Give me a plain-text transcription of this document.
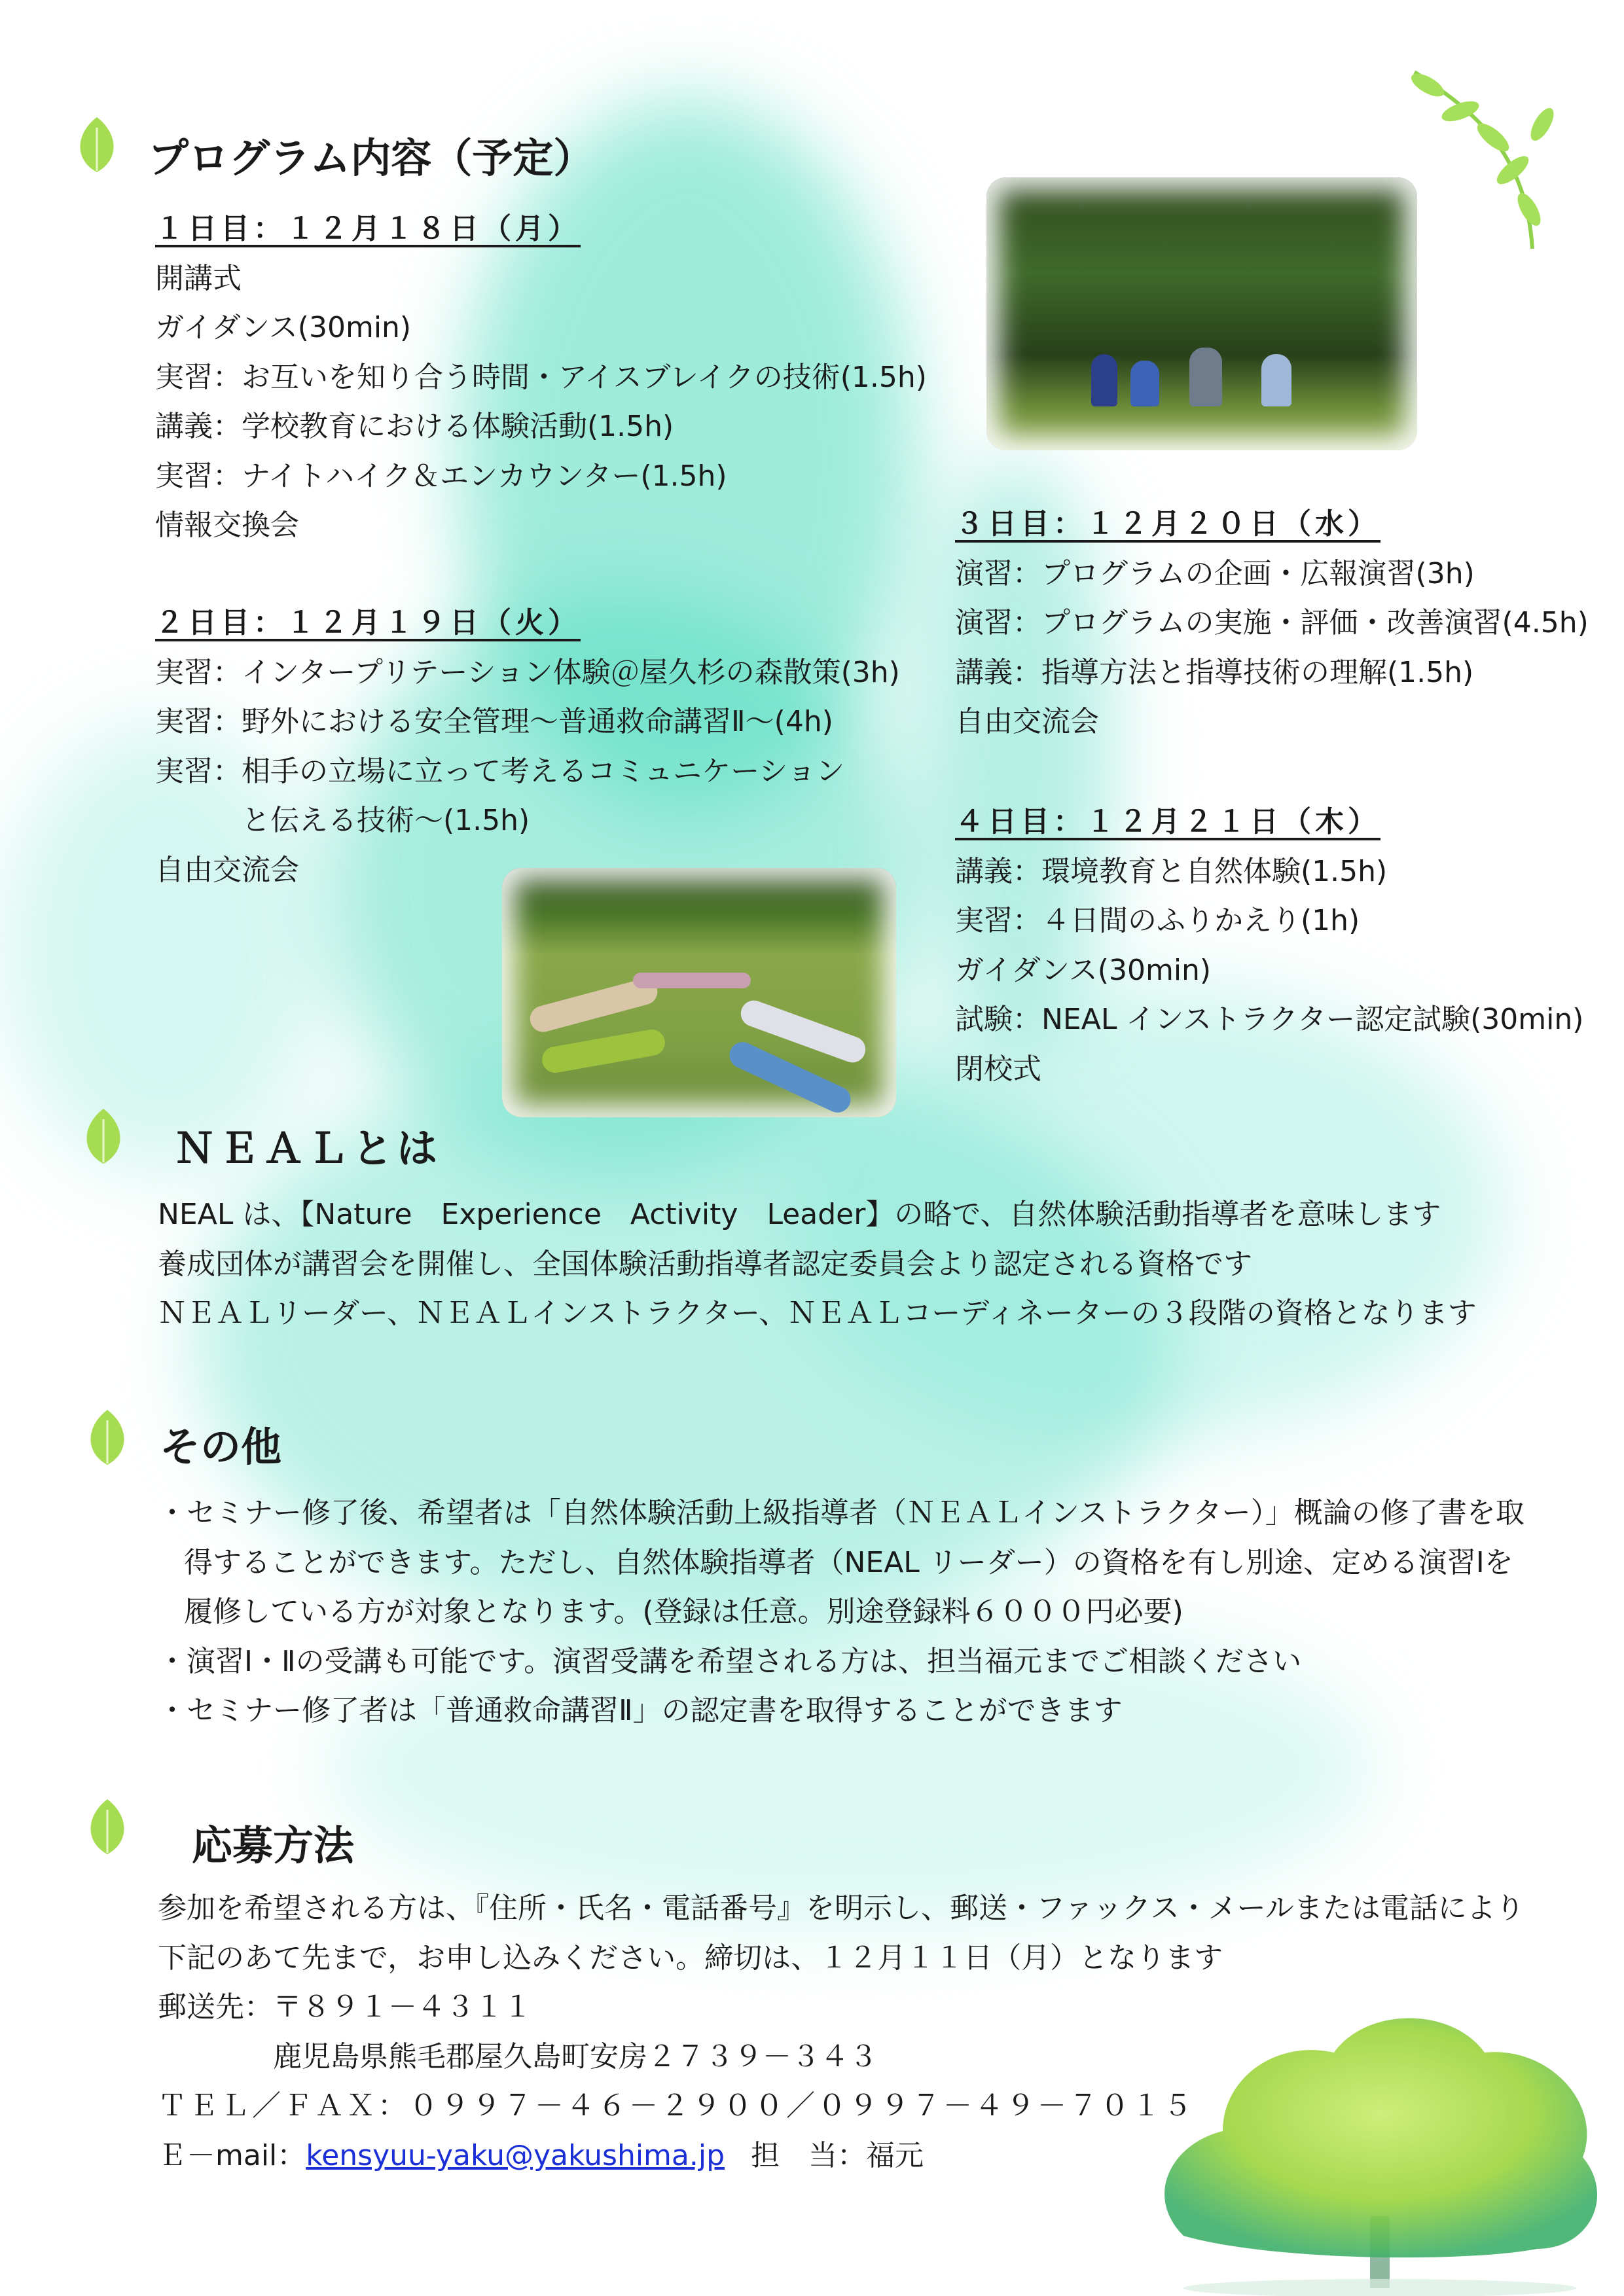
プログラム内容（予定）
１日目：１２月１８日（月）
開講式
ガイダンス(30min)
実習：お互いを知り合う時間・アイスブレイクの技術(1.5h)
講義：学校教育における体験活動(1.5h)
実習：ナイトハイク＆エンカウンター(1.5h)
情報交換会
２日目：１２月１９日（火）
実習：インタープリテーション体験＠屋久杉の森散策(3h)
実習：野外における安全管理～普通救命講習Ⅱ～(4h)
実習：相手の立場に立って考えるコミュニケーション
と伝える技術～(1.5h)
自由交流会
３日目：１２月２０日（水）
演習：プログラムの企画・広報演習(3h)
演習：プログラムの実施・評価・改善演習(4.5h)
講義：指導方法と指導技術の理解(1.5h)
自由交流会
４日目：１２月２１日（木）
講義：環境教育と自然体験(1.5h)
実習：４日間のふりかえり(1h)
ガイダンス(30min)
試験：NEAL インストラクター認定試験(30min)
閉校式
ＮＥＡＬとは
NEAL は、【Nature　Experience　Activity　Leader】の略で、自然体験活動指導者を意味します
養成団体が講習会を開催し、全国体験活動指導者認定委員会より認定される資格です
ＮＥＡＬリーダー、ＮＥＡＬインストラクター、ＮＥＡＬコーディネーターの３段階の資格となります
その他
・セミナー修了後、希望者は「自然体験活動上級指導者（ＮＥＡＬインストラクター）」概論の修了書を取
得することができます。ただし、自然体験指導者（NEAL リーダー）の資格を有し別途、定める演習Ⅰを
履修している方が対象となります。(登録は任意。別途登録料６０００円必要)
・演習Ⅰ・Ⅱの受講も可能です。演習受講を希望される方は、担当福元までご相談ください
・セミナー修了者は「普通救命講習Ⅱ」の認定書を取得することができます
応募方法
参加を希望される方は、『住所・氏名・電話番号』を明示し、郵送・ファックス・メールまたは電話により
下記のあて先まで，お申し込みください。締切は、１２月１１日（月）となります
郵送先：〒８９１－４３１１
鹿児島県熊毛郡屋久島町安房２７３９－３４３
ＴＥＬ／ＦＡＸ：０９９７－４６－２９００／０９９７－４９－７０１５
Ｅ－mail：kensyuu-yaku@yakushima.jp 担　当：福元
